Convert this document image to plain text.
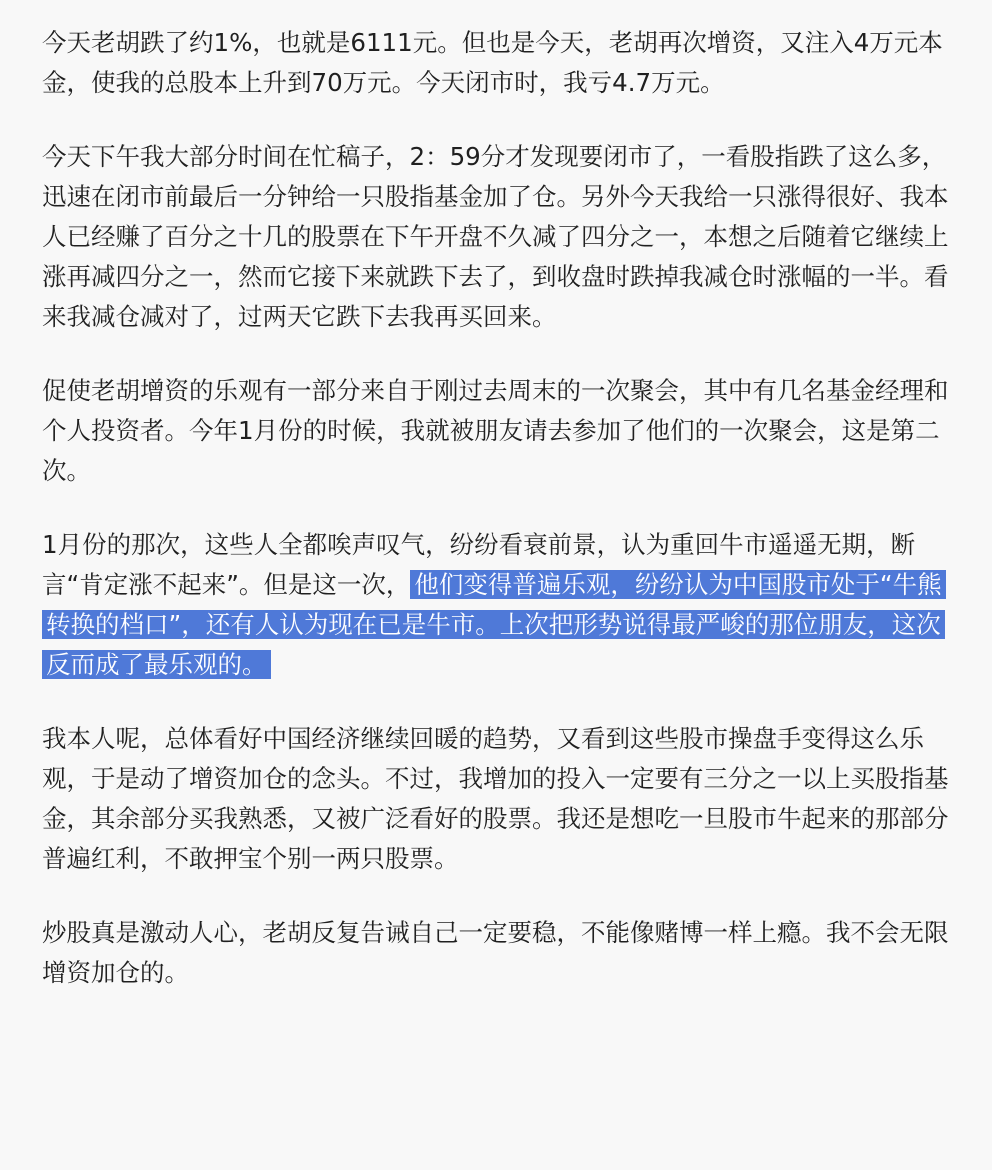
今天老胡跌了约1%，也就是6111元。但也是今天，老胡再次增资，又注入4万元本金，使我的总股本上升到70万元。今天闭市时，我亏4.7万元。

今天下午我大部分时间在忙稿子，2：59分才发现要闭市了，一看股指跌了这么多，迅速在闭市前最后一分钟给一只股指基金加了仓。另外今天我给一只涨得很好、我本人已经赚了百分之十几的股票在下午开盘不久减了四分之一，本想之后随着它继续上涨再减四分之一，然而它接下来就跌下去了，到收盘时跌掉我减仓时涨幅的一半。看来我减仓减对了，过两天它跌下去我再买回来。

促使老胡增资的乐观有一部分来自于刚过去周末的一次聚会，其中有几名基金经理和个人投资者。今年1月份的时候，我就被朋友请去参加了他们的一次聚会，这是第二次。

1月份的那次，这些人全都唉声叹气，纷纷看衰前景，认为重回牛市遥遥无期，断言“肯定涨不起来”。但是这一次， 他们变得普遍乐观，纷纷认为中国股市处于“牛熊转换的档口”，还有人认为现在已是牛市。上次把形势说得最严峻的那位朋友，这次反而成了最乐观的。

我本人呢，总体看好中国经济继续回暖的趋势，又看到这些股市操盘手变得这么乐观，于是动了增资加仓的念头。不过，我增加的投入一定要有三分之一以上买股指基金，其余部分买我熟悉，又被广泛看好的股票。我还是想吃一旦股市牛起来的那部分普遍红利，不敢押宝个别一两只股票。

炒股真是激动人心，老胡反复告诫自己一定要稳，不能像赌博一样上瘾。我不会无限增资加仓的。
